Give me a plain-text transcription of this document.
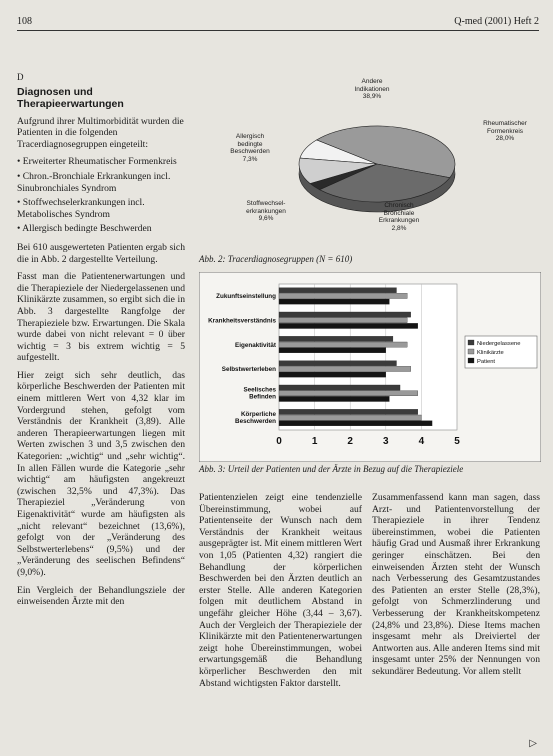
108	Q-med (2001) Heft 2
D
Diagnosen und
Therapieerwartungen

Aufgrund ihrer Multimorbidität wurden die Patienten in die folgenden Tracerdiagnosegruppen eingeteilt:

• Erweiterter Rheumatischer Formenkreis
• Chron.-Bronchiale Erkrankungen incl. Sinubronchiales Syndrom
• Stoffwechselerkrankungen incl. Metabolisches Syndrom
• Allergisch bedingte Beschwerden

Bei 610 ausgewerteten Patienten ergab sich die in Abb. 2 dargestellte Verteilung.

Fasst man die Patientenerwartungen und die Therapieziele der Niedergelassenen und Klinikärzte zusammen, so ergibt sich die in Abb. 3 dargestellte Rangfolge der Therapieziele bzw. Erwartungen. Die Skala wurde dabei von nicht relevant = 0 über wichtig = 3 bis extrem wichtig = 5 aufgestellt.

Hier zeigt sich sehr deutlich, das körperliche Beschwerden der Patienten mit einem mittleren Wert von 4,32 klar im Vordergrund stehen, gefolgt vom Verständnis der Krankheit (3,89). Alle anderen Therapieerwartungen liegen mit Werten zwischen 3 und 3,5 zwischen den Kategorien: „wichtig“ und „sehr wichtig“. In allen Fällen wurde die Kategorie „sehr wichtig“ am häufigsten angekreuzt (zwischen 32,5% und 47,3%). Das Therapieziel „Veränderung von Eigenaktivität“ wurde am häufigsten als „nicht relevant“ bezeichnet (13,6%), gefolgt von der „Veränderung des Selbstwerterlebens“ (9,5%) und der „Veränderung des seelischen Befindens“ (9,0%).

Ein Vergleich der Behandlungsziele der einweisenden Ärzte mit den

Andere
Indikationen
38,9%
Rheumatischer
Formenkreis
28,0%
Allergisch
bedingte
Beschwerden
7,3%
Stoffwechsel-
erkrankungen
9,6%
Chronisch
Bronchiale
Erkrankungen
2,8%
Abb. 2: Tracerdiagnosegruppen (N = 610)
0	1	2	3	4	5
Zukunftseinstellung
Krankheitsverständnis
Eigenaktivität
Selbstwerterleben
Seelisches Befinden
Körperliche Beschwerden
Niedergelassene
Klinikärzte
Patient
Abb. 3: Urteil der Patienten und der Ärzte in Bezug auf die Therapieziele

Patientenzielen zeigt eine tendenzielle Übereinstimmung, wobei auf Patientenseite der Wunsch nach dem Verständnis der Krankheit weitaus ausgeprägter ist. Mit einem mittleren Wert von 1,05 (Patienten 4,32) rangiert die Behandlung der körperlichen Beschwerden bei den Ärzten deutlich an erster Stelle. Alle anderen Kategorien folgen mit deutlichem Abstand in ungefähr gleicher Höhe (3,44 – 3,67). Auch der Vergleich der Therapieziele der Klinikärzte mit den Patientenerwartungen zeigt hohe Übereinstimmungen, wobei erwartungsgemäß die Behandlung körperlicher Beschwerden den mit Abstand wichtigsten Faktor darstellt.

Zusammenfassend kann man sagen, dass Arzt- und Patientenvorstellung der Therapieziele in ihrer Tendenz übereinstimmen, wobei die Patienten häufig Grad und Ausmaß ihrer Erkrankung geringer einschätzen. Bei den einweisenden Ärzten steht der Wunsch nach Verbesserung des Gesamtzustandes des Patienten an erster Stelle (28,3%), gefolgt von Schmerzlinderung und Verbesserung der Krankheitskompetenz (24,8% und 23,8%). Diese Items machen insgesamt mehr als Dreiviertel der Antworten aus. Alle anderen Items sind mit insgesamt unter 25% der Nennungen von sekundärer Bedeutung. Vor allem stellt

▷
